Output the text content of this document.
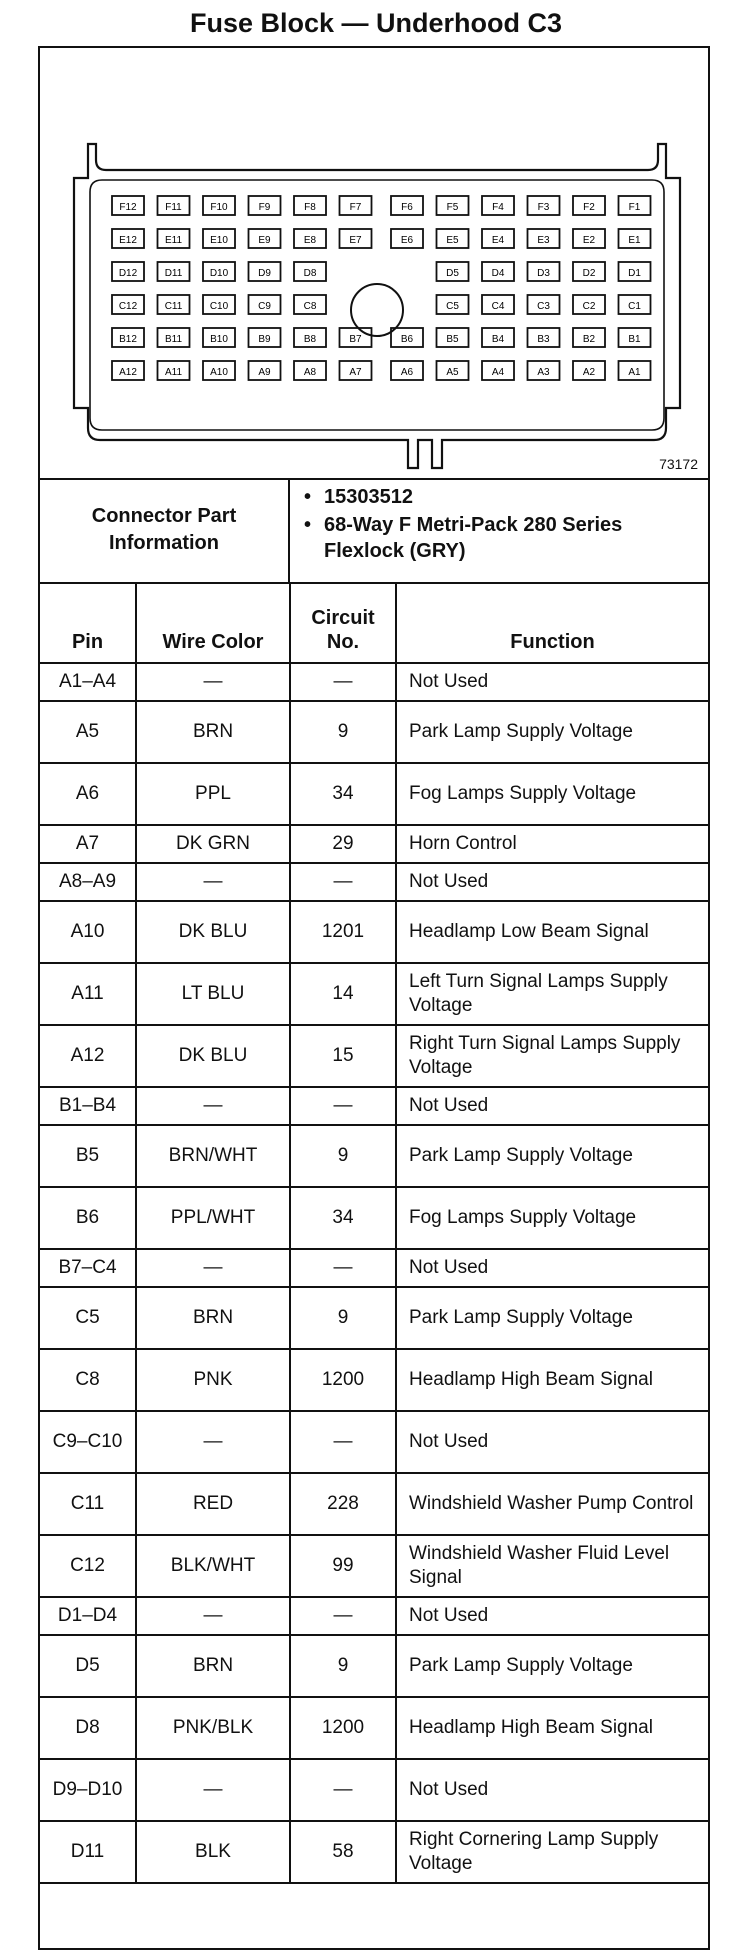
Fuse Block — Underhood C3
F12	F11	F10	F9	F8	F7	F6	F5	F4	F3	F2	F1
E12	E11	E10	E9	E8	E7	E6	E5	E4	E3	E2	E1
D12	D11	D10	D9	D8	D5	D4	D3	D2	D1
C12	C11	C10	C9	C8	C5	C4	C3	C2	C1
B12	B11	B10	B9	B8	B7	B6	B5	B4	B3	B2	B1
A12	A11	A10	A9	A8	A7	A6	A5	A4	A3	A2	A1
73172
Connector Part Information
• 15303512
• 68-Way F Metri-Pack 280 Series Flexlock (GRY)
Pin	Wire Color	Circuit No.	Function
A1–A4	—	—	Not Used
A5	BRN	9	Park Lamp Supply Voltage
A6	PPL	34	Fog Lamps Supply Voltage
A7	DK GRN	29	Horn Control
A8–A9	—	—	Not Used
A10	DK BLU	1201	Headlamp Low Beam Signal
A11	LT BLU	14	Left Turn Signal Lamps Supply Voltage
A12	DK BLU	15	Right Turn Signal Lamps Supply Voltage
B1–B4	—	—	Not Used
B5	BRN/WHT	9	Park Lamp Supply Voltage
B6	PPL/WHT	34	Fog Lamps Supply Voltage
B7–C4	—	—	Not Used
C5	BRN	9	Park Lamp Supply Voltage
C8	PNK	1200	Headlamp High Beam Signal
C9–C10	—	—	Not Used
C11	RED	228	Windshield Washer Pump Control
C12	BLK/WHT	99	Windshield Washer Fluid Level Signal
D1–D4	—	—	Not Used
D5	BRN	9	Park Lamp Supply Voltage
D8	PNK/BLK	1200	Headlamp High Beam Signal
D9–D10	—	—	Not Used
D11	BLK	58	Right Cornering Lamp Supply Voltage
